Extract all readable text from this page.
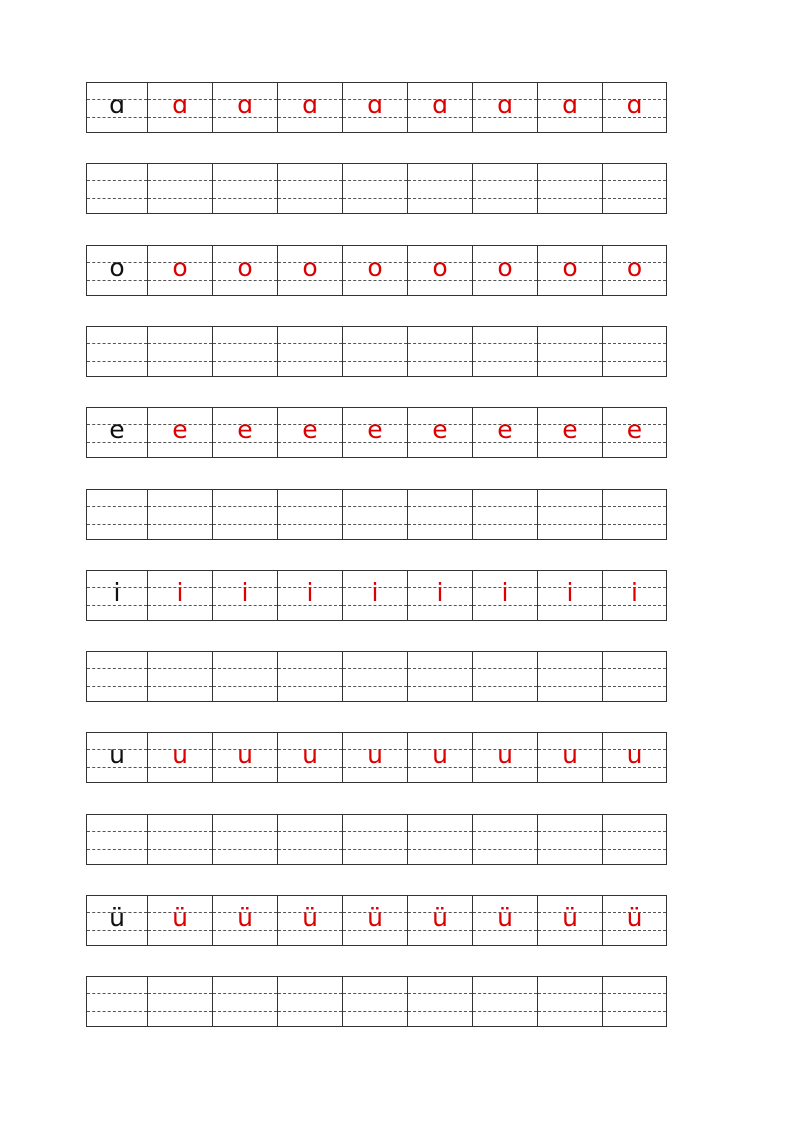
ɑ	ɑ	ɑ	ɑ	ɑ	ɑ	ɑ	ɑ	ɑ
o	o	o	o	o	o	o	o	o
e	e	e	e	e	e	e	e	e
i	i	i	i	i	i	i	i	i
u	u	u	u	u	u	u	u	u
ü	ü	ü	ü	ü	ü	ü	ü	ü
